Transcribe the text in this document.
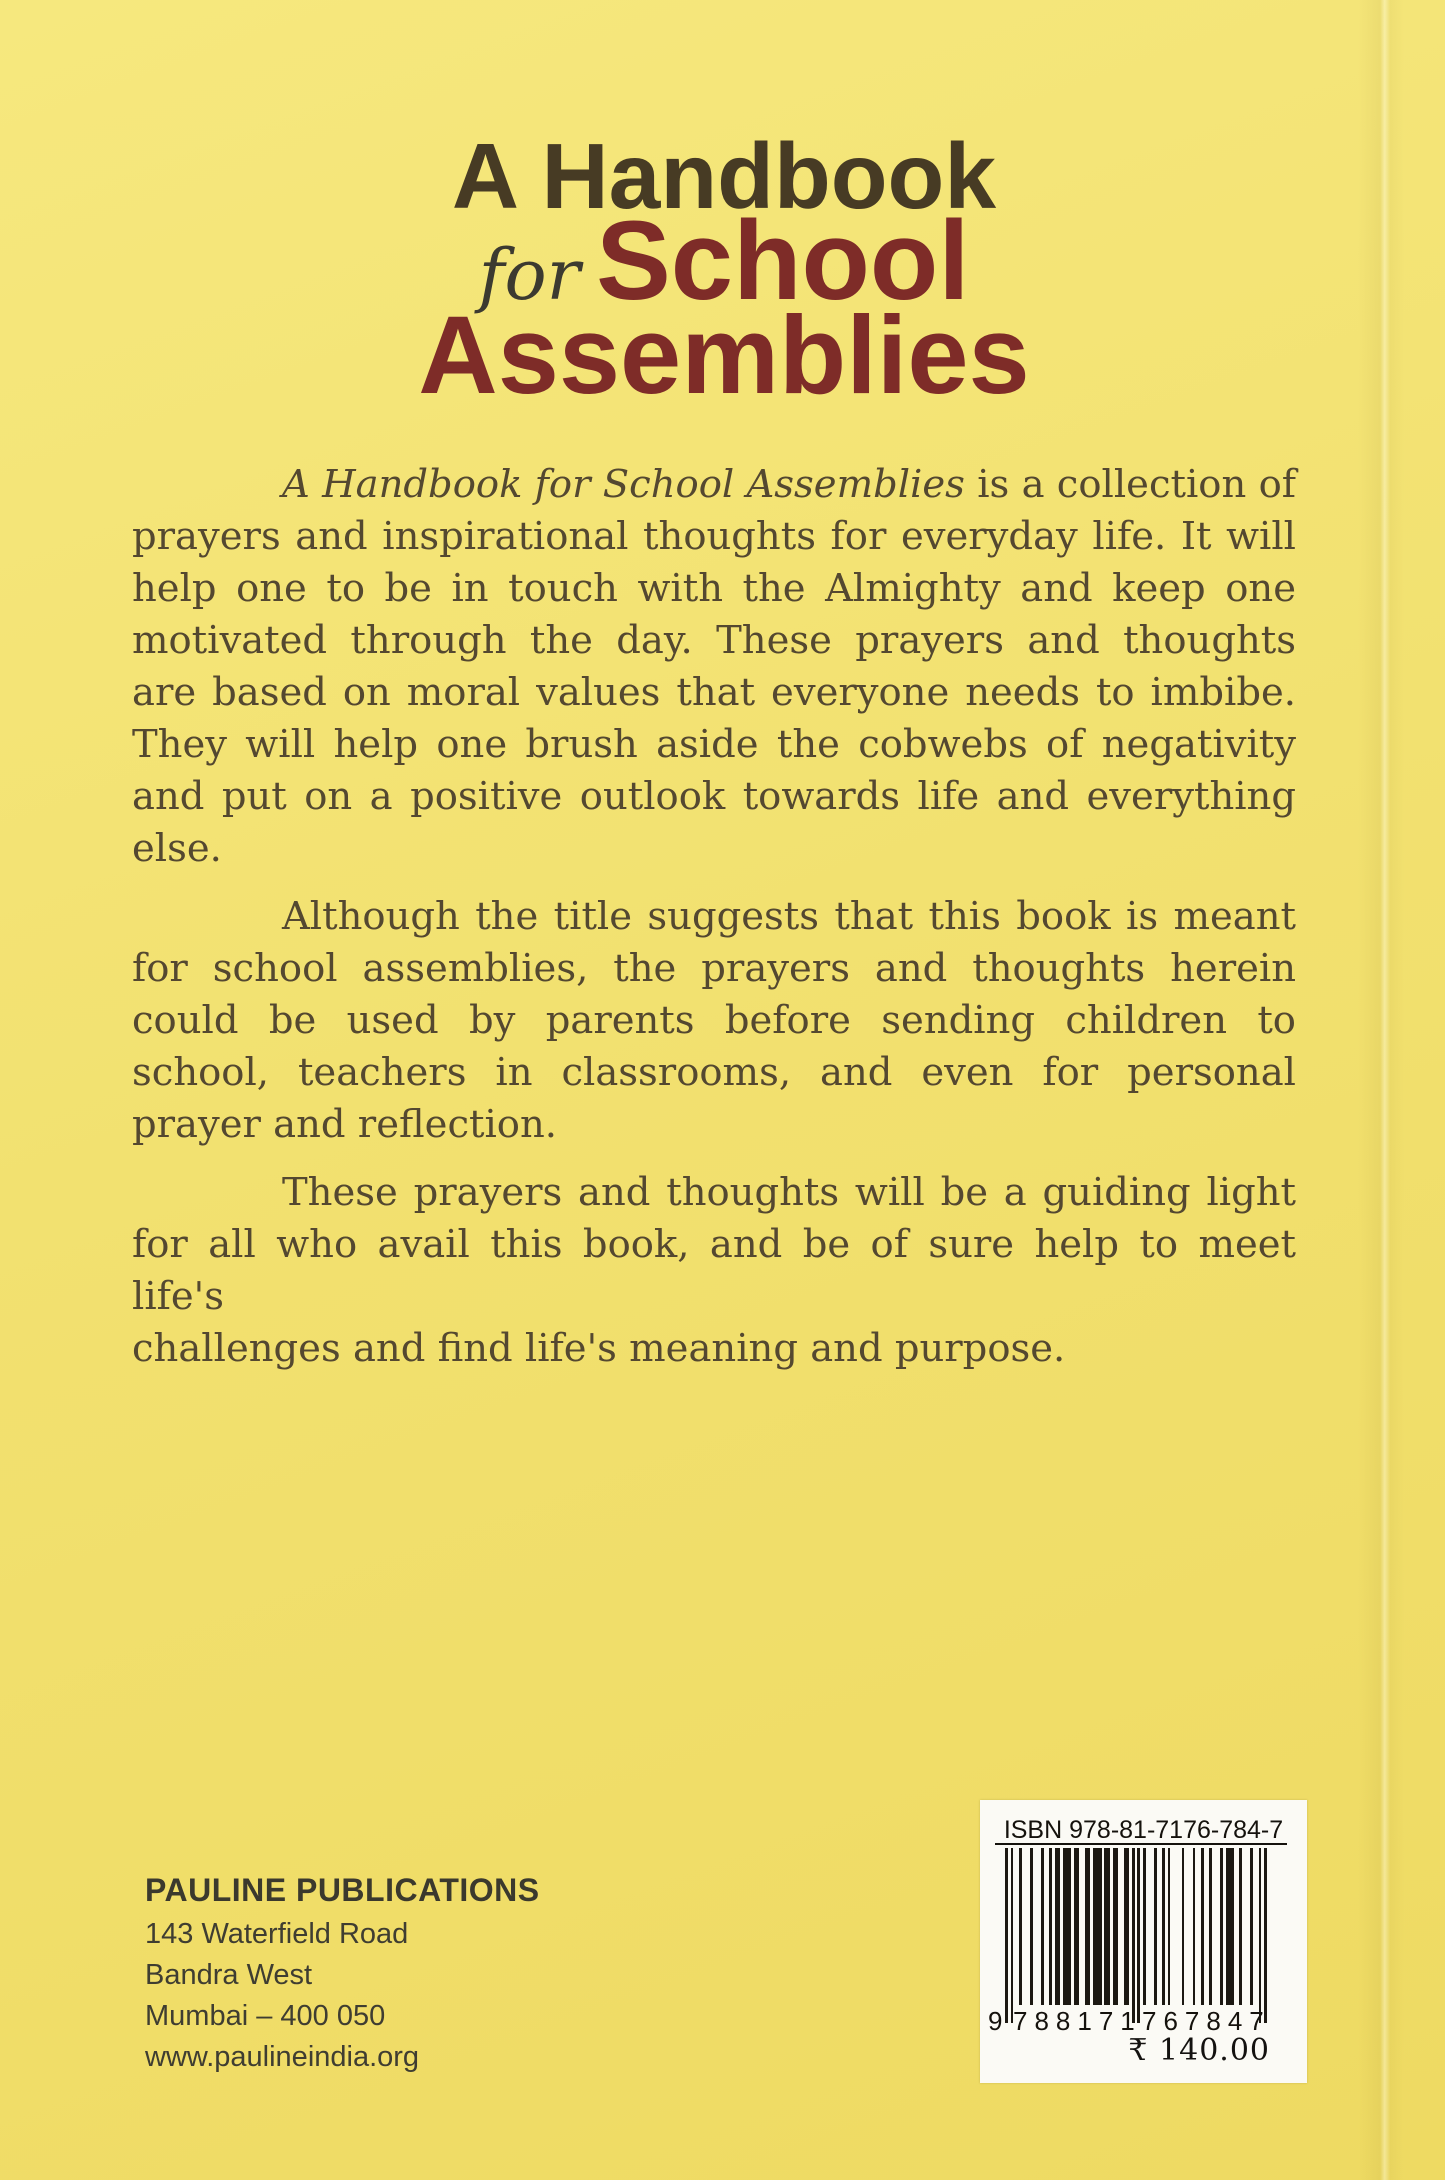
A Handbook
for School
Assemblies
A Handbook for School Assemblies is a collection of
prayers and inspirational thoughts for everyday life. It will
help one to be in touch with the Almighty and keep one
motivated through the day. These prayers and thoughts
are based on moral values that everyone needs to imbibe.
They will help one brush aside the cobwebs of negativity
and put on a positive outlook towards life and everything
else.
Although the title suggests that this book is meant
for school assemblies, the prayers and thoughts herein
could be used by parents before sending children to
school, teachers in classrooms, and even for personal
prayer and reflection.
These prayers and thoughts will be a guiding light
for all who avail this book, and be of sure help to meet life's
challenges and find life's meaning and purpose.
PAULINE PUBLICATIONS
143 Waterfield Road
Bandra West
Mumbai – 400 050
www.paulineindia.org
ISBN 978-81-7176-784-7
9 788171 767847
₹ 140.00
